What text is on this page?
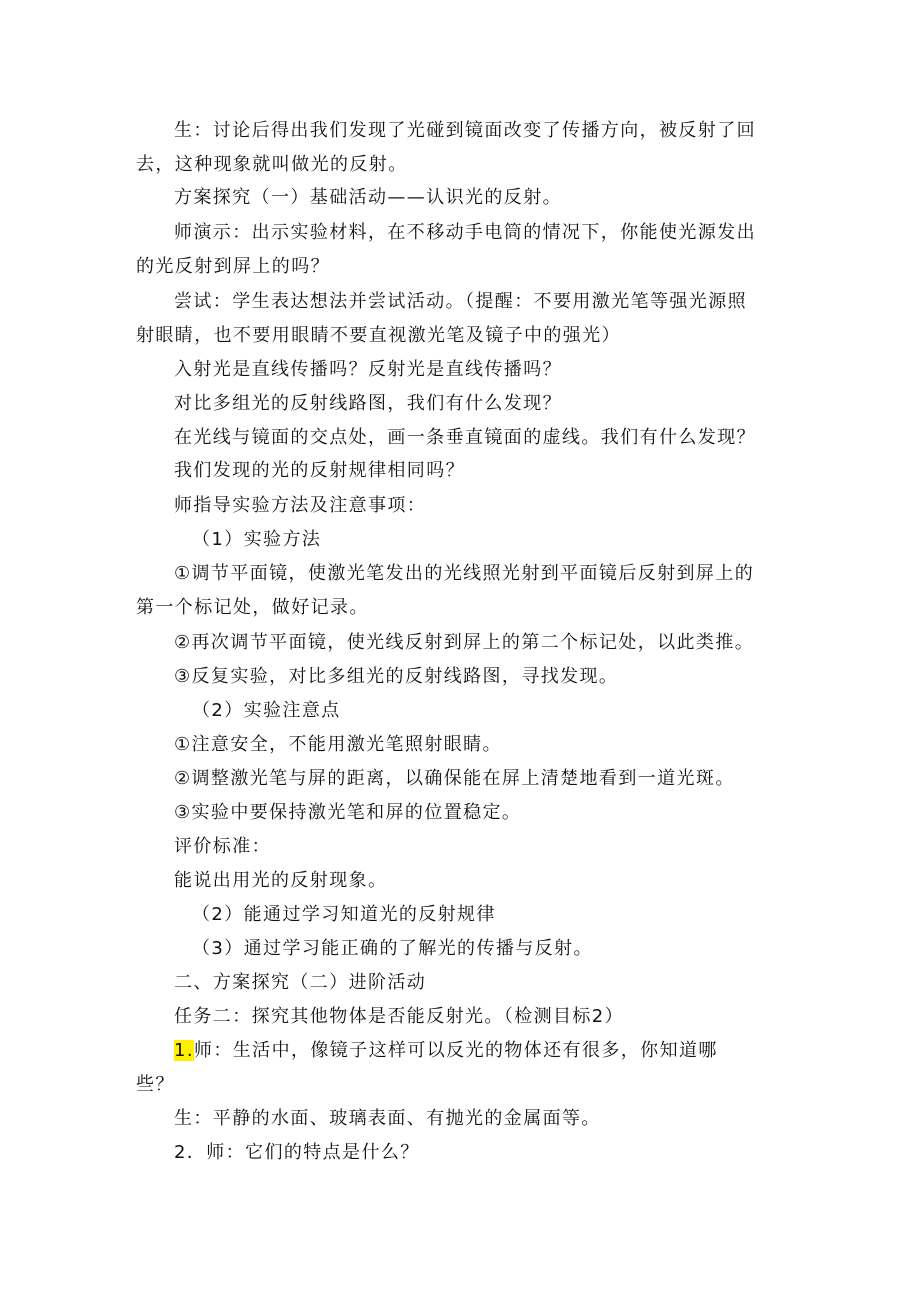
生：讨论后得出我们发现了光碰到镜面改变了传播方向，被反射了回
去，这种现象就叫做光的反射。
方案探究（一）基础活动——认识光的反射。
师演示：出示实验材料，在不移动手电筒的情况下，你能使光源发出
的光反射到屏上的吗？
尝试：学生表达想法并尝试活动。（提醒：不要用激光笔等强光源照
射眼睛，也不要用眼睛不要直视激光笔及镜子中的强光）
入射光是直线传播吗？反射光是直线传播吗？
对比多组光的反射线路图，我们有什么发现？
在光线与镜面的交点处，画一条垂直镜面的虚线。我们有什么发现？
我们发现的光的反射规律相同吗？
师指导实验方法及注意事项：
（1）实验方法
①调节平面镜，使激光笔发出的光线照光射到平面镜后反射到屏上的
第一个标记处，做好记录。
②再次调节平面镜，使光线反射到屏上的第二个标记处，以此类推。
③反复实验，对比多组光的反射线路图，寻找发现。
（2）实验注意点
①注意安全，不能用激光笔照射眼睛。
②调整激光笔与屏的距离，以确保能在屏上清楚地看到一道光斑。
③实验中要保持激光笔和屏的位置稳定。
评价标准：
能说出用光的反射现象。
（2）能通过学习知道光的反射规律
（3）通过学习能正确的了解光的传播与反射。
二、方案探究（二）进阶活动
任务二：探究其他物体是否能反射光。（检测目标2）
1.师：生活中，像镜子这样可以反光的物体还有很多，你知道哪
些？
生：平静的水面、玻璃表面、有抛光的金属面等。
2．师：它们的特点是什么？
